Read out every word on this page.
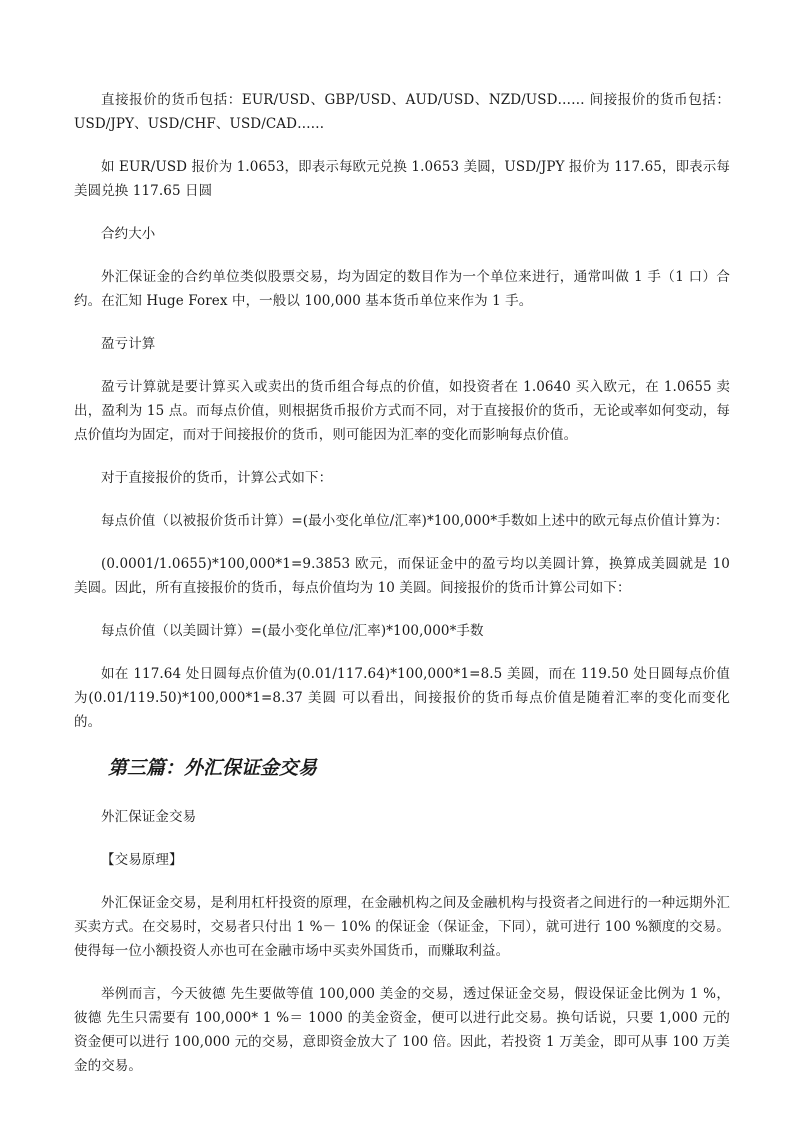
直接报价的货币包括：EUR/USD、GBP/USD、AUD/USD、NZD/USD…… 间接报价的货币包括：USD/JPY、USD/CHF、USD/CAD……

如 EUR/USD 报价为 1.0653，即表示每欧元兑换 1.0653 美圆，USD/JPY 报价为 117.65，即表示每美圆兑换 117.65 日圆

合约大小

外汇保证金的合约单位类似股票交易，均为固定的数目作为一个单位来进行，通常叫做 1 手（1 口）合约。在汇知 Huge Forex 中，一般以 100,000 基本货币单位来作为 1 手。

盈亏计算

盈亏计算就是要计算买入或卖出的货币组合每点的价值，如投资者在 1.0640 买入欧元，在 1.0655 卖出，盈利为 15 点。而每点价值，则根据货币报价方式而不同，对于直接报价的货币，无论或率如何变动，每点价值均为固定，而对于间接报价的货币，则可能因为汇率的变化而影响每点价值。

对于直接报价的货币，计算公式如下：

每点价值（以被报价货币计算）=(最小变化单位/汇率)*100,000*手数如上述中的欧元每点价值计算为：

(0.0001/1.0655)*100,000*1=9.3853 欧元，而保证金中的盈亏均以美圆计算，换算成美圆就是 10 美圆。因此，所有直接报价的货币，每点价值均为 10 美圆。间接报价的货币计算公司如下：

每点价值（以美圆计算）=(最小变化单位/汇率)*100,000*手数

如在 117.64 处日圆每点价值为(0.01/117.64)*100,000*1=8.5 美圆，而在 119.50 处日圆每点价值为(0.01/119.50)*100,000*1=8.37 美圆 可以看出，间接报价的货币每点价值是随着汇率的变化而变化的。

第三篇：外汇保证金交易

外汇保证金交易

【交易原理】

外汇保证金交易，是利用杠杆投资的原理，在金融机构之间及金融机构与投资者之间进行的一种远期外汇买卖方式。在交易时，交易者只付出 1 %－ 10% 的保证金（保证金，下同），就可进行 100 %额度的交易。使得每一位小额投资人亦也可在金融市场中买卖外国货币，而赚取利益。

举例而言，今天彼德 先生要做等值 100,000 美金的交易，透过保证金交易，假设保证金比例为 1 %，彼德 先生只需要有 100,000* 1 %＝ 1000 的美金资金，便可以进行此交易。换句话说，只要 1,000 元的资金便可以进行 100,000 元的交易，意即资金放大了 100 倍。因此，若投资 1 万美金，即可从事 100 万美金的交易。
